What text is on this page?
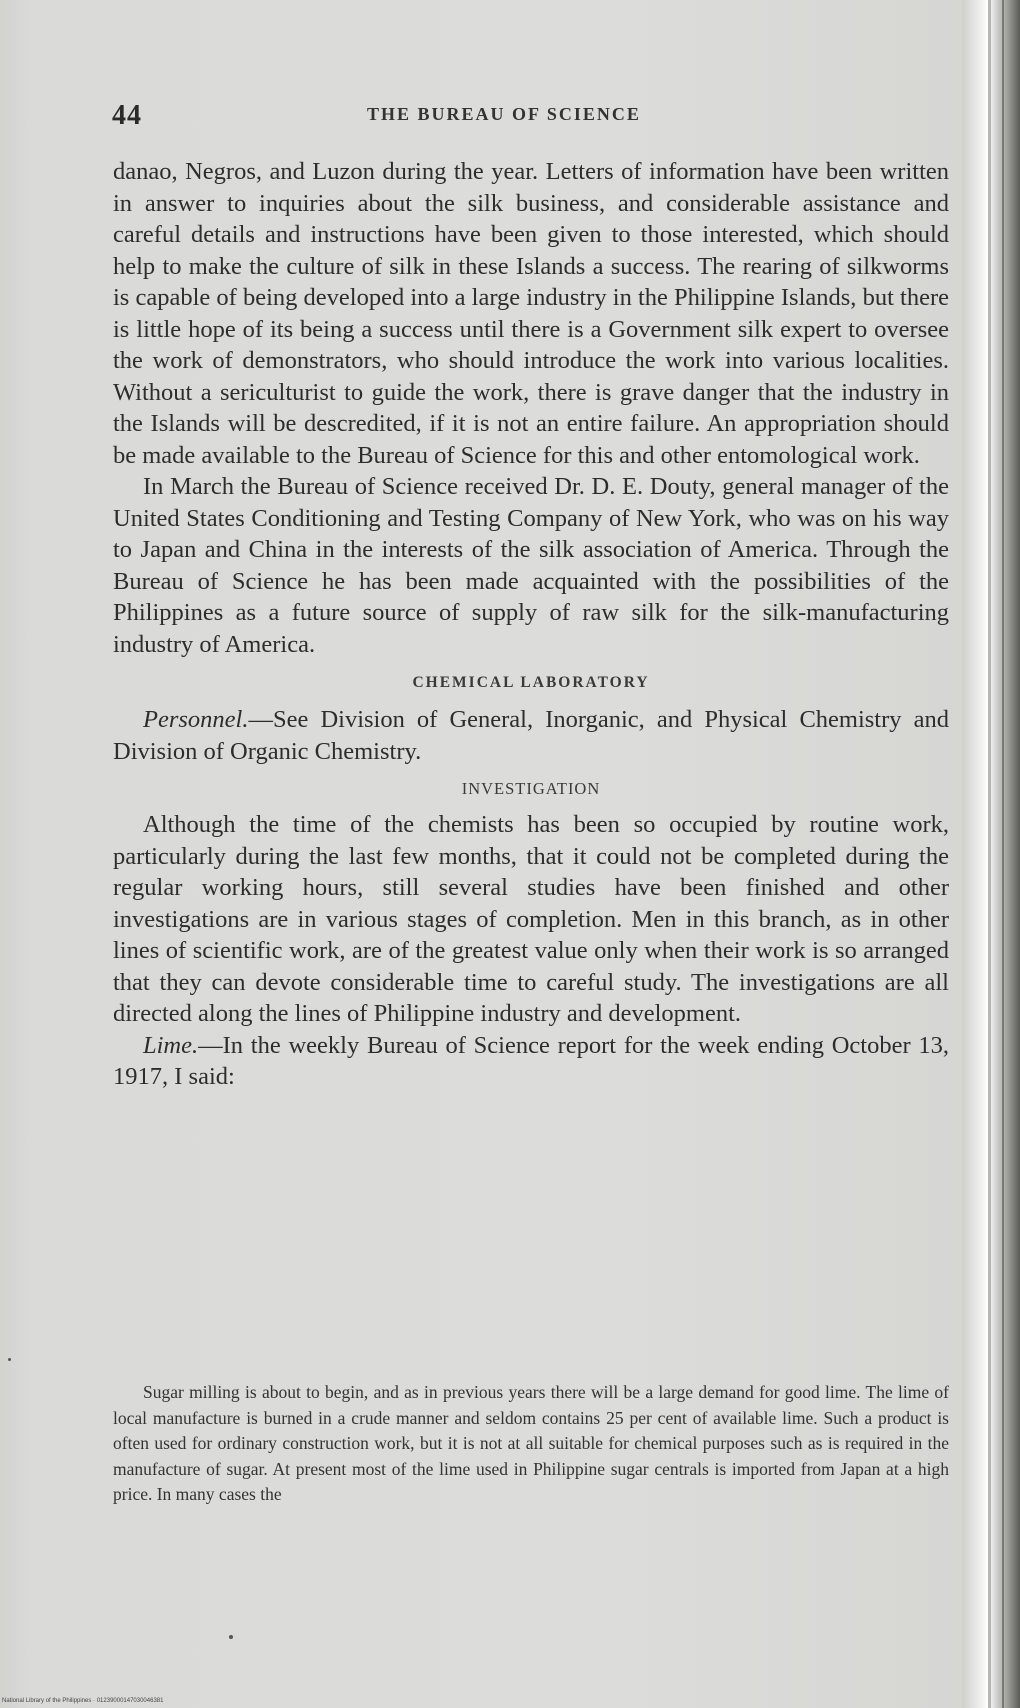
44	THE BUREAU OF SCIENCE

danao, Negros, and Luzon during the year. Letters of information have been written in answer to inquiries about the silk business, and considerable assistance and careful details and instructions have been given to those interested, which should help to make the culture of silk in these Islands a success. The rearing of silkworms is capable of being developed into a large industry in the Philippine Islands, but there is little hope of its being a success until there is a Government silk expert to oversee the work of demonstrators, who should introduce the work into various localities. Without a sericulturist to guide the work, there is grave danger that the industry in the Islands will be descredited, if it is not an entire failure. An appropriation should be made available to the Bureau of Science for this and other entomological work.

In March the Bureau of Science received Dr. D. E. Douty, general manager of the United States Conditioning and Testing Company of New York, who was on his way to Japan and China in the interests of the silk association of America. Through the Bureau of Science he has been made acquainted with the possibilities of the Philippines as a future source of supply of raw silk for the silk-manufacturing industry of America.

CHEMICAL LABORATORY

Personnel.—See Division of General, Inorganic, and Physical Chemistry and Division of Organic Chemistry.

INVESTIGATION

Although the time of the chemists has been so occupied by routine work, particularly during the last few months, that it could not be completed during the regular working hours, still several studies have been finished and other investigations are in various stages of completion. Men in this branch, as in other lines of scientific work, are of the greatest value only when their work is so arranged that they can devote considerable time to careful study. The investigations are all directed along the lines of Philippine industry and development.

Lime.—In the weekly Bureau of Science report for the week ending October 13, 1917, I said:

Sugar milling is about to begin, and as in previous years there will be a large demand for good lime. The lime of local manufacture is burned in a crude manner and seldom contains 25 per cent of available lime. Such a product is often used for ordinary construction work, but it is not at all suitable for chemical purposes such as is required in the manufacture of sugar. At present most of the lime used in Philippine sugar centrals is imported from Japan at a high price. In many cases the

National Library of the Philippines · 01239000147030046381
